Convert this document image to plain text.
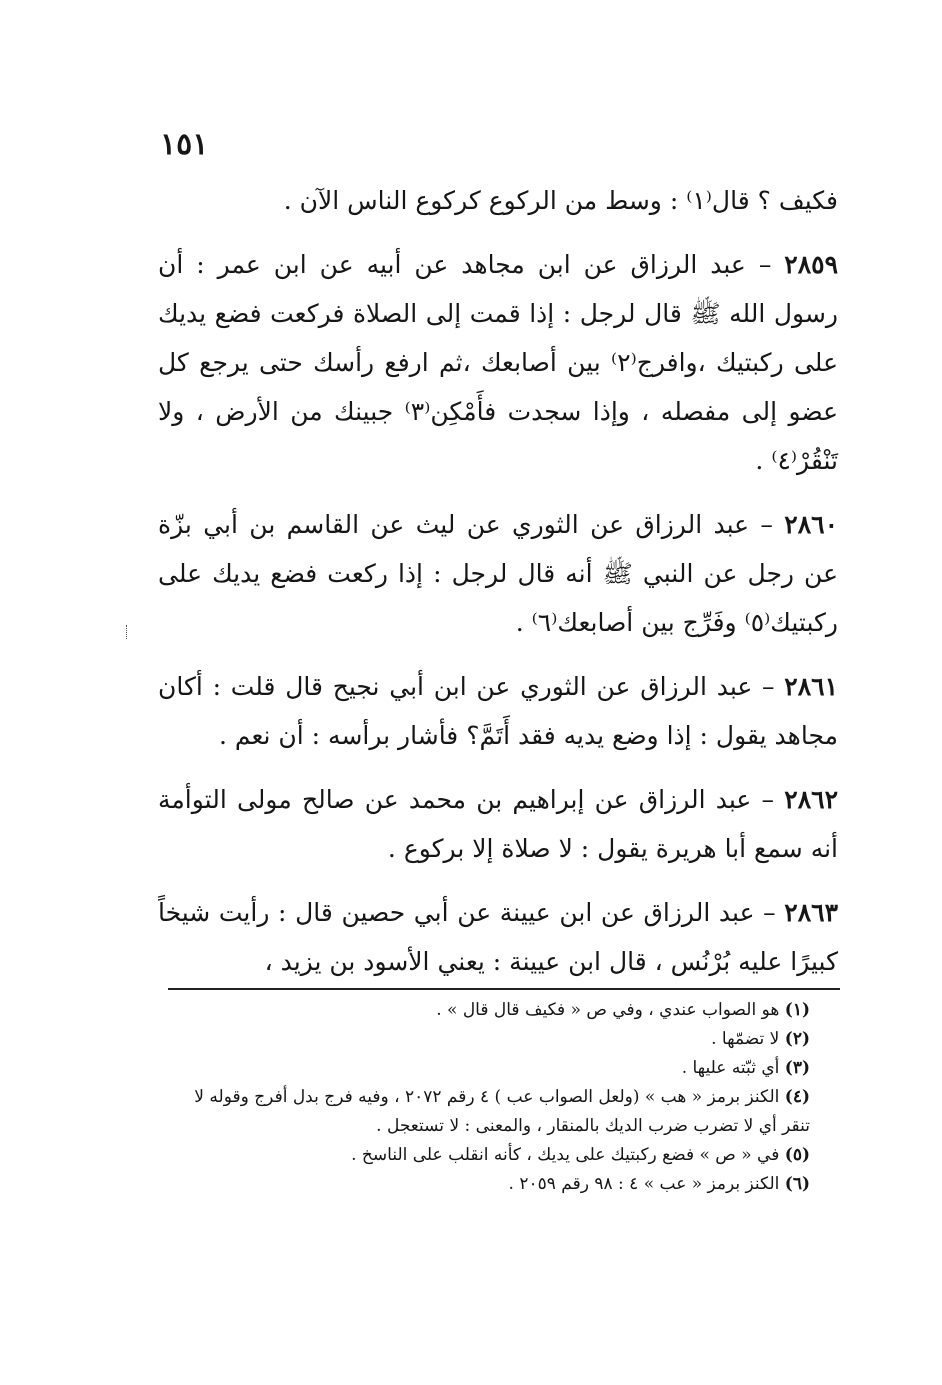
١٥١

فكيف ؟ قال⁽١⁾ : وسط من الركوع كركوع الناس الآن .

٢٨٥٩ – عبد الرزاق عن ابن مجاهد عن أبيه عن ابن عمر : أن رسول الله ﷺ قال لرجل : إذا قمت إلى الصلاة فركعت فضع يديك على ركبتيك ،وافرج⁽٢⁾ بين أصابعك ،ثم ارفع رأسك حتى يرجع كل عضو إلى مفصله ، وإذا سجدت فأَمْكِن⁽٣⁾ جبينك من الأرض ، ولا تَنْقُرْ⁽٤⁾ .

٢٨٦٠ – عبد الرزاق عن الثوري عن ليث عن القاسم بن أبي بزّة عن رجل عن النبي ﷺ أنه قال لرجل : إذا ركعت فضع يديك على ركبتيك⁽٥⁾ وفَرِّج بين أصابعك⁽٦⁾ .

٢٨٦١ – عبد الرزاق عن الثوري عن ابن أبي نجيح قال قلت : أكان مجاهد يقول : إذا وضع يديه فقد أَتَمَّ؟ فأشار برأسه : أن نعم .

٢٨٦٢ – عبد الرزاق عن إبراهيم بن محمد عن صالح مولى التوأمة أنه سمع أبا هريرة يقول : لا صلاة إلا بركوع .

٢٨٦٣ – عبد الرزاق عن ابن عيينة عن أبي حصين قال : رأيت شيخاً كبيرًا عليه بُرْنُس ، قال ابن عيينة : يعني الأسود بن يزيد ،

(١) هو الصواب عندي ، وفي ص « فكيف قال قال » .

(٢) لا تضمّها .

(٣) أي ثبّته عليها .

(٤) الكنز برمز « هب » (ولعل الصواب عب ) ٤ رقم ٢٠٧٢ ، وفيه فرج بدل أفرج وقوله لا تنقر أي لا تضرب ضرب الديك بالمنقار ، والمعنى : لا تستعجل .

(٥) في « ص » فضع ركبتيك على يديك ، كأنه انقلب على الناسخ .

(٦) الكنز برمز « عب » ٤ : ٩٨ رقم ٢٠٥٩ .
